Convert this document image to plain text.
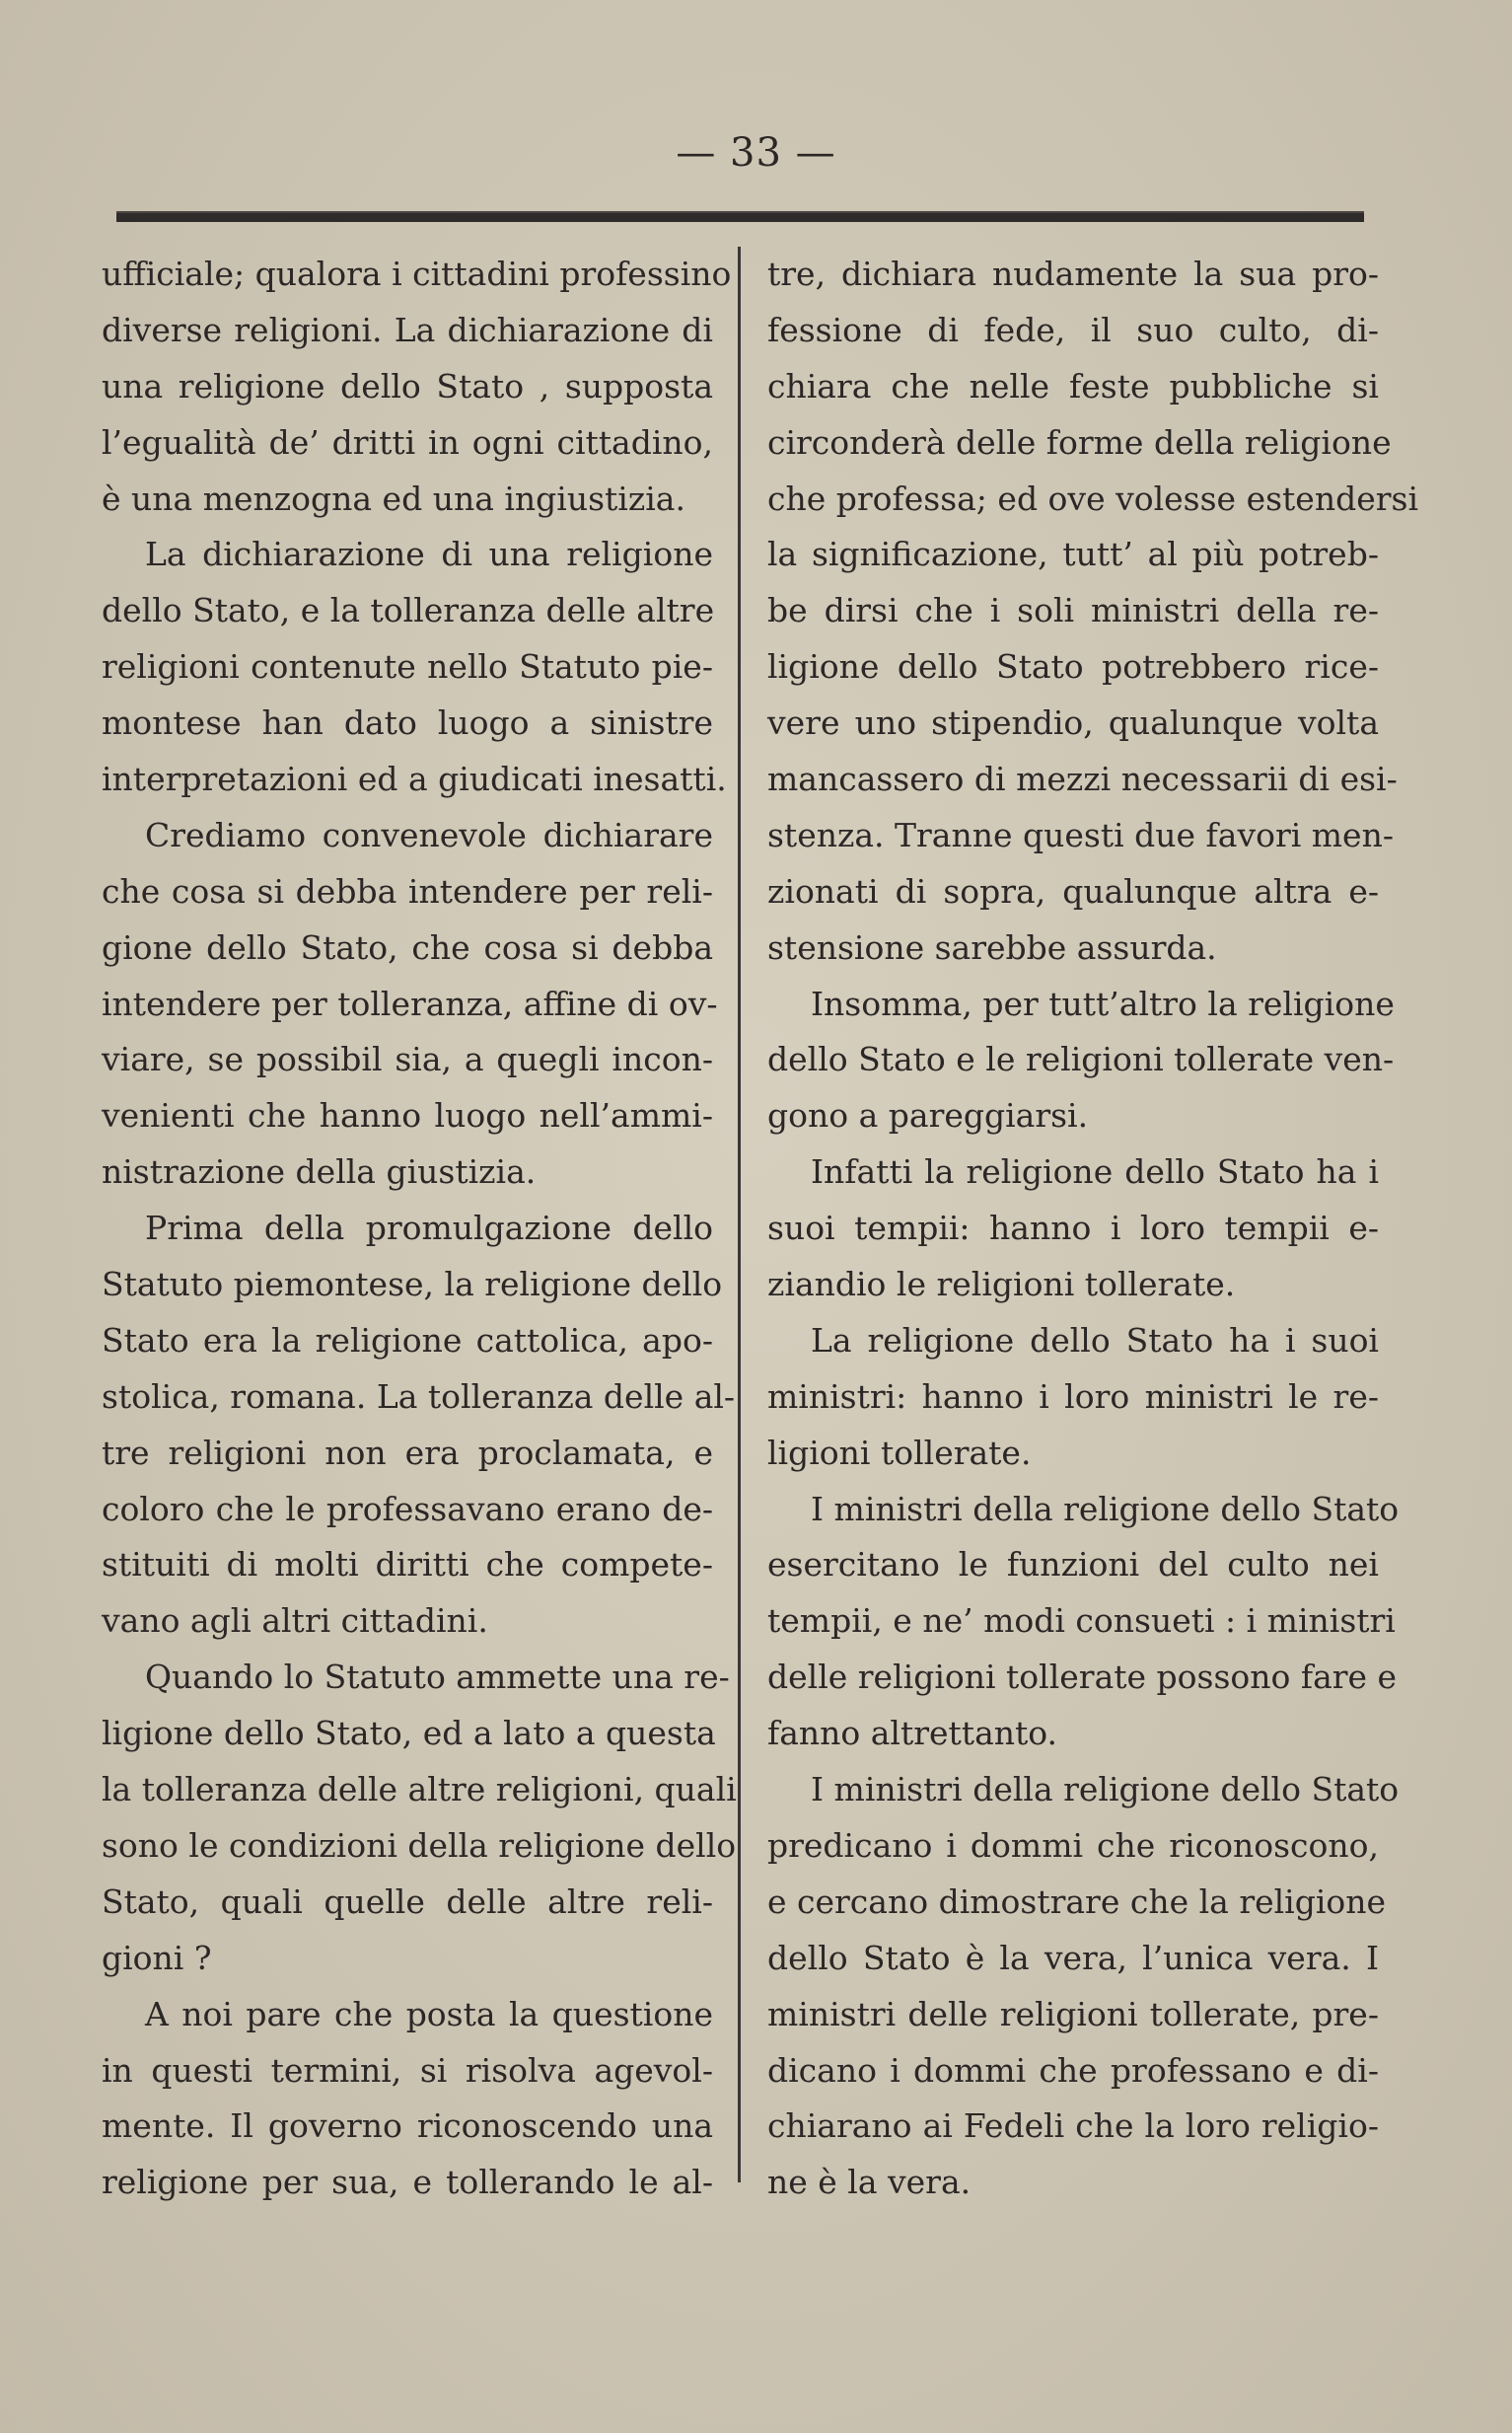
— 33 —
ufficiale; qualora i cittadini professino
diverse religioni. La dichiarazione di
una religione dello Stato , supposta
l’egualità de’ dritti in ogni cittadino,
è una menzogna ed una ingiustizia.
La dichiarazione di una religione
dello Stato, e la tolleranza delle altre
religioni contenute nello Statuto pie-
montese han dato luogo a sinistre
interpretazioni ed a giudicati inesatti.
Crediamo convenevole dichiarare
che cosa si debba intendere per reli-
gione dello Stato, che cosa si debba
intendere per tolleranza, affine di ov-
viare, se possibil sia, a quegli incon-
venienti che hanno luogo nell’ammi-
nistrazione della giustizia.
Prima della promulgazione dello
Statuto piemontese, la religione dello
Stato era la religione cattolica, apo-
stolica, romana. La tolleranza delle al-
tre religioni non era proclamata, e
coloro che le professavano erano de-
stituiti di molti diritti che compete-
vano agli altri cittadini.
Quando lo Statuto ammette una re-
ligione dello Stato, ed a lato a questa
la tolleranza delle altre religioni, quali
sono le condizioni della religione dello
Stato, quali quelle delle altre reli-
gioni ?
A noi pare che posta la questione
in questi termini, si risolva agevol-
mente. Il governo riconoscendo una
religione per sua, e tollerando le al-
tre, dichiara nudamente la sua pro-
fessione di fede, il suo culto, di-
chiara che nelle feste pubbliche si
circonderà delle forme della religione
che professa; ed ove volesse estendersi
la significazione, tutt’ al più potreb-
be dirsi che i soli ministri della re-
ligione dello Stato potrebbero rice-
vere uno stipendio, qualunque volta
mancassero di mezzi necessarii di esi-
stenza. Tranne questi due favori men-
zionati di sopra, qualunque altra e-
stensione sarebbe assurda.
Insomma, per tutt’altro la religione
dello Stato e le religioni tollerate ven-
gono a pareggiarsi.
Infatti la religione dello Stato ha i
suoi tempii: hanno i loro tempii e-
ziandio le religioni tollerate.
La religione dello Stato ha i suoi
ministri: hanno i loro ministri le re-
ligioni tollerate.
I ministri della religione dello Stato
esercitano le funzioni del culto nei
tempii, e ne’ modi consueti : i ministri
delle religioni tollerate possono fare e
fanno altrettanto.
I ministri della religione dello Stato
predicano i dommi che riconoscono,
e cercano dimostrare che la religione
dello Stato è la vera, l’unica vera. I
ministri delle religioni tollerate, pre-
dicano i dommi che professano e di-
chiarano ai Fedeli che la loro religio-
ne è la vera.
